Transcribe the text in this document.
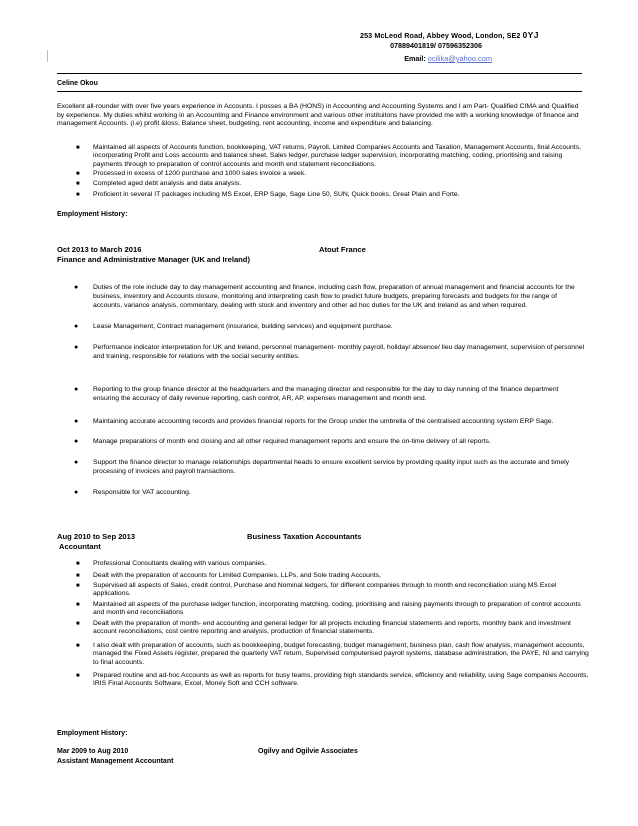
253 McLeod Road, Abbey Wood, London, SE2 0YJ
07889401819/ 07596352306
Email: ocilika@yahoo.com
Celine Okou
Excellent all-rounder with over five years experience in Accounts. I posses a BA (HONS) in Accounting and Accounting Systems and I am Part- Qualified CIMA and Qualified by experience. My duties whilst working in an Accounting and Finance environment and various other instituitons have provided me with a working knowledge of finance and management Accounts. (i.e) profit &loss, Balance sheet, budgeting, rent accounting, income and expenditure and balancing.
■ Maintained all aspects of Accounts function, bookkeeping, VAT returns, Payroll, Limited Companies Accounts and Taxation, Management Accounts, final Accounts, incorporating Profit and Loss accounts and balance sheet, Sales ledger, purchase ledger supervision, incorporating matching, coding, prioritising and raising payments through to preparation of control accounts and month end statement reconciliations.
■ Processed in excess of 1200 purchase and 1000 sales invoice a week.
■ Completed aged debt analysis and data analysis.
■ Proficient in several IT packages including MS Excel, ERP Sage, Sage Line 50, SUN, Quick books, Great Plain and Forte.
Employment History:
Oct 2013 to March 2016	Atout France
Finance and Administrative Manager (UK and Ireland)
● Duties of the role include day to day management accounting and finance, including cash flow, preparation of annual management and financial accounts for the business, inventory and Accounts closure, monitoring and interpreting cash flow to predict future budgets, preparing forecasts and budgets for the range of accounts, variance analysis, commentary, dealing with stock and inventory and other ad hoc duties for the UK and Ireland as and when required.
● Lease Management, Contract management (insurance, building services) and equipment purchase.
● Performance indicator interpretation for UK and Ireland, personnel management- monthly payroll, holiday/ absence/ lieu day management, supervision of personnel and training, responsible for relations with the social security entities.
● Reporting to the group finance director at the headquarters and the managing director and responsible for the day to day running of the finance department ensuring the accuracy of daily revenue reporting, cash control, AR, AP, expenses management and month end.
● Maintaining accurate accounting records and provides financial reports for the Group under the umbrella of the centralised accounting system ERP Sage.
● Manage preparations of month end closing and all other required management reports and ensure the on-time delivery of all reports.
● Support the finance director to manage relationships departmental heads to ensure excellent service by providing quality input such as the accurate and timely processing of invoices and payroll transactions.
● Responsible for VAT accounting.
Aug 2010 to Sep 2013	Business Taxation Accountants
Accountant
■ Professional Consultants dealing with various companies.
■ Dealt with the preparation of accounts for Limited Companies, LLPs, and Sole trading Accounts,
■ Supervised all aspects of Sales, credit control, Purchase and Nominal ledgers, for different companies through to month end reconciliation using MS Excel applications.
■ Maintained all aspects of the purchase ledger function, incorporating matching, coding, prioritising and raising payments through to preparation of control accounts and month end reconciliations
■ Dealt with the preparation of month- end accounting and general ledger for all projects including financial statements and reports, monthly bank and investment account reconciliations, cost centre reporting and analysis, production of financial statements.
■ I also dealt with preparation of accounts, such as bookkeeping, budget forecasting, budget management, business plan, cash flow analysis, management accounts, managed the Fixed Assets register, prepared the quarterly VAT return, Supervised computerised payroll systems, database administration, the PAYE, NI and carrying to final accounts.
■ Prepared routine and ad-hoc Accounts as well as reports for busy teams, providing high standards service, efficiency and reliability, using Sage companies Accounts, IRIS Final Accounts Software, Excel, Money Soft and CCH software.
Employment History:
Mar 2009 to Aug 2010	Ogilvy and Ogilvie Associates
Assistant Management Accountant
